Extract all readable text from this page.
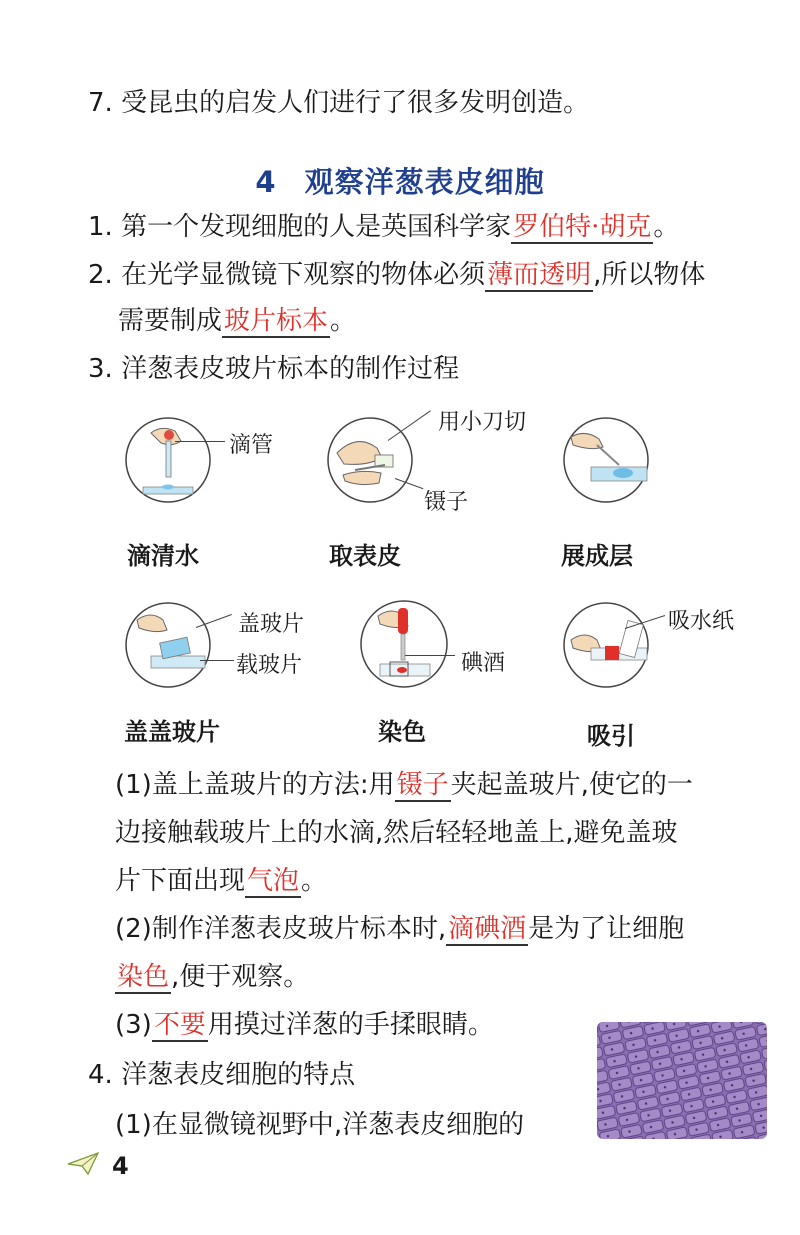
7. 受昆虫的启发人们进行了很多发明创造。
4 观察洋葱表皮细胞
1. 第一个发现细胞的人是英国科学家罗伯特·胡克。
2. 在光学显微镜下观察的物体必须薄而透明,所以物体
需要制成玻片标本。
3. 洋葱表皮玻片标本的制作过程
滴管
滴清水
用小刀切
镊子
取表皮	展成层
盖玻片
载玻片
盖盖玻片
碘酒
染色
吸水纸
吸引
(1)盖上盖玻片的方法:用镊子夹起盖玻片,使它的一
边接触载玻片上的水滴,然后轻轻地盖上,避免盖玻
片下面出现气泡。
(2)制作洋葱表皮玻片标本时,滴碘酒是为了让细胞
染色,便于观察。
(3)不要用摸过洋葱的手揉眼睛。
4. 洋葱表皮细胞的特点
(1)在显微镜视野中,洋葱表皮细胞的
4
